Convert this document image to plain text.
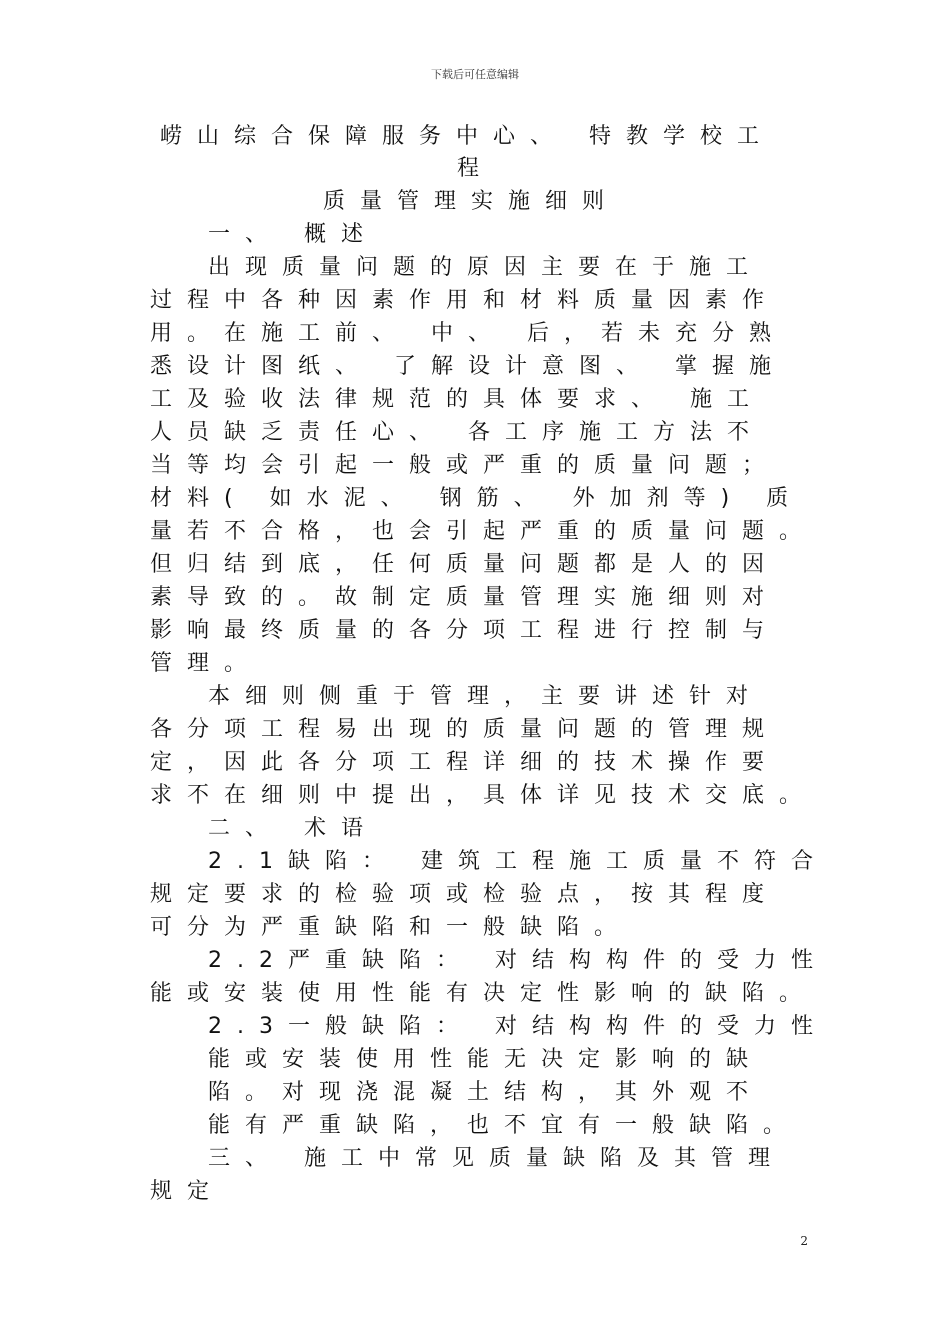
下载后可任意编辑
崂山综合保障服务中心、 特教学校工
程
质量管理实施细则
一、 概述
出现质量问题的原因主要在于施工
过程中各种因素作用和材料质量因素作
用。在施工前、 中、 后，若未充分熟
悉设计图纸、 了解设计意图、 掌握施
工及验收法律规范的具体要求、 施工
人员缺乏责任心、 各工序施工方法不
当等均会引起一般或严重的质量问题；
材料( 如水泥、 钢筋、 外加剂等) 质
量若不合格，也会引起严重的质量问题。
但归结到底，任何质量问题都是人的因
素导致的。故制定质量管理实施细则对
影响最终质量的各分项工程进行控制与
管理。
本细则侧重于管理，主要讲述针对
各分项工程易出现的质量问题的管理规
定，因此各分项工程详细的技术操作要
求不在细则中提出，具体详见技术交底。
二、 术语
2.1缺陷： 建筑工程施工质量不符合
规定要求的检验项或检验点，按其程度
可分为严重缺陷和一般缺陷。
2.2严重缺陷： 对结构构件的受力性
能或安装使用性能有决定性影响的缺陷。
2.3一般缺陷： 对结构构件的受力性
能或安装使用性能无决定影响的缺
陷。对现浇混凝土结构，其外观不
能有严重缺陷，也不宜有一般缺陷。
三、 施工中常见质量缺陷及其管理
规定
2
